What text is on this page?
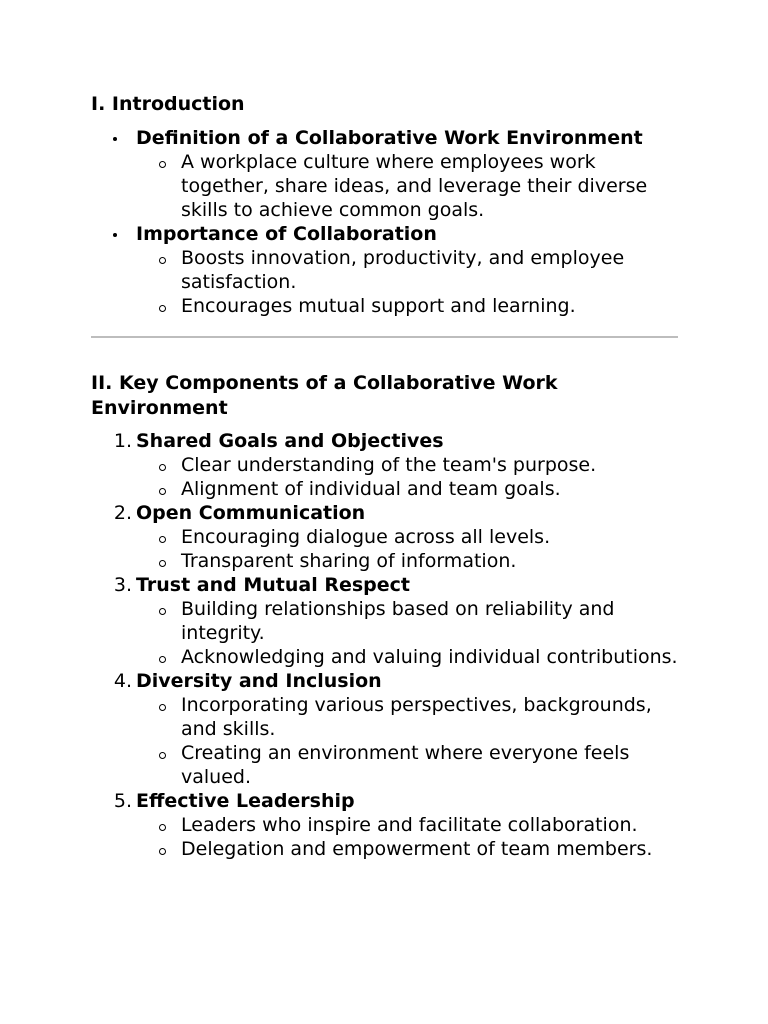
I. Introduction
Definition of a Collaborative Work Environment
A workplace culture where employees work together, share ideas, and leverage their diverse skills to achieve common goals.
Importance of Collaboration
Boosts innovation, productivity, and employee satisfaction.
Encourages mutual support and learning.
II. Key Components of a Collaborative Work Environment
1. Shared Goals and Objectives
Clear understanding of the team's purpose.
Alignment of individual and team goals.
2. Open Communication
Encouraging dialogue across all levels.
Transparent sharing of information.
3. Trust and Mutual Respect
Building relationships based on reliability and integrity.
Acknowledging and valuing individual contributions.
4. Diversity and Inclusion
Incorporating various perspectives, backgrounds, and skills.
Creating an environment where everyone feels valued.
5. Effective Leadership
Leaders who inspire and facilitate collaboration.
Delegation and empowerment of team members.
